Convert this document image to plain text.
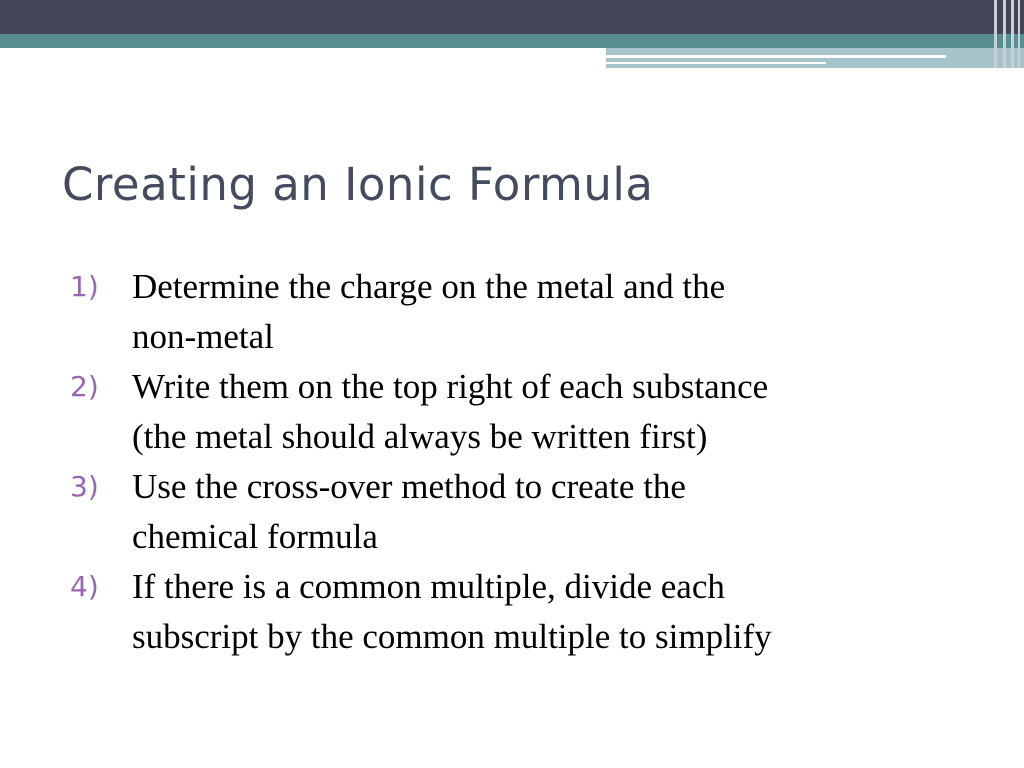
Creating an Ionic Formula
1) Determine the charge on the metal and the
non-metal
2) Write them on the top right of each substance
(the metal should always be written first)
3) Use the cross-over method to create the
chemical formula
4) If there is a common multiple, divide each
subscript by the common multiple to simplify
